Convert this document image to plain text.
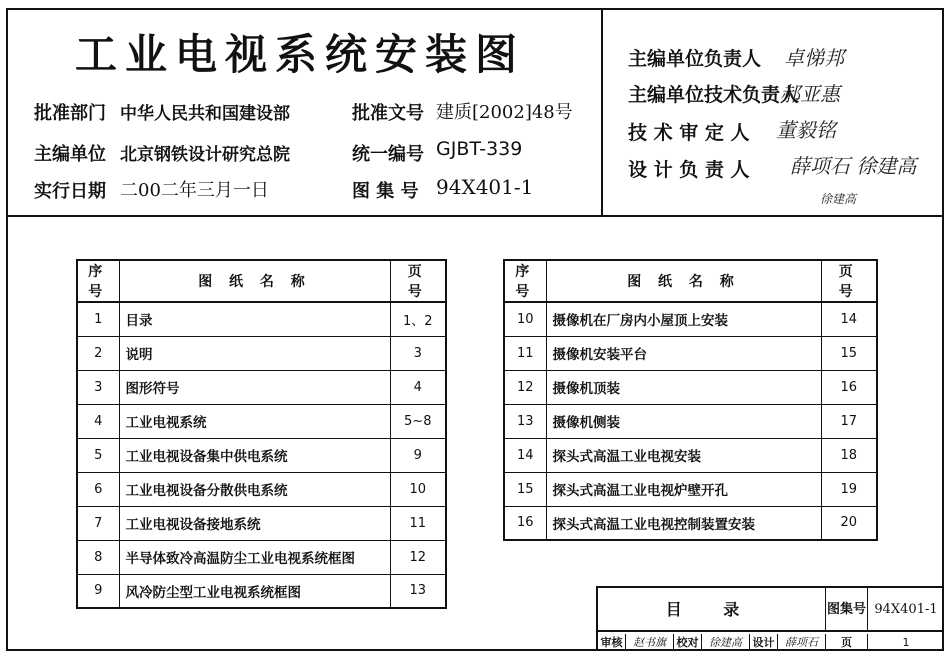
工业电视系统安装图
批准部门 中华人民共和国建设部	批准文号 建质[2002]48号
主编单位 北京钢铁设计研究总院	统一编号 GJBT-339
实行日期 二00二年三月一日	图 集 号 94X401-1
主编单位负责人 卓悌邦
主编单位技术负责人
郝亚惠
技 术 审 定 人 董毅铭
设 计 负 责 人 薛项石 徐建高
徐建高
序号	图 纸 名 称	页 号
1	目录	1、2
2	说明	3
3	图形符号	4
4	工业电视系统	5~8
5	工业电视设备集中供电系统	9
6	工业电视设备分散供电系统	10
7	工业电视设备接地系统	11
8	半导体致冷高温防尘工业电视系统框图	12
9	风冷防尘型工业电视系统框图	13
序号	图 纸 名 称	页 号
10	摄像机在厂房内小屋顶上安装	14
11	摄像机安装平台	15
12	摄像机顶装	16
13	摄像机侧装	17
14	探头式高温工业电视安装	18
15	探头式高温工业电视炉壁开孔	19
16	探头式高温工业电视控制装置安装	20
目 录	图集号 94X401-1
审核 赵书旗 校对 徐建高 设计 薛项石	页	1
